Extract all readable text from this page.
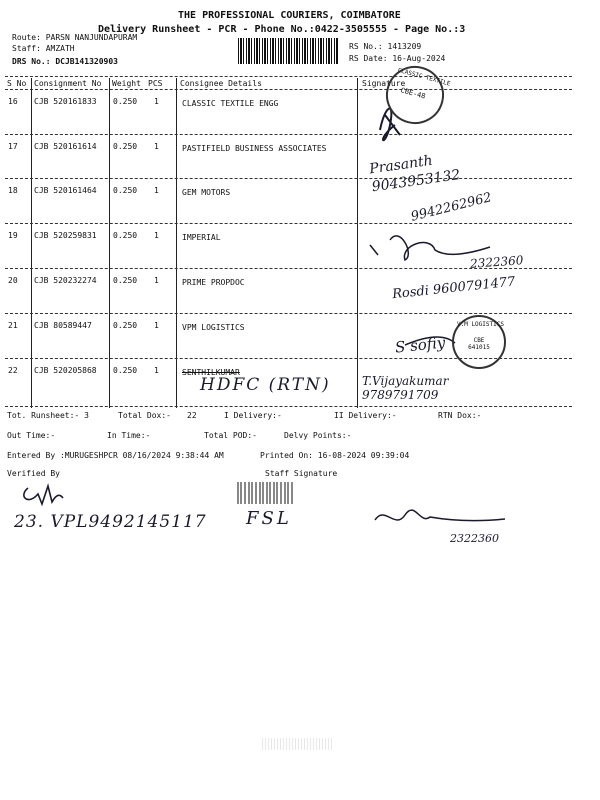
THE PROFESSIONAL COURIERS, COIMBATORE
Delivery Runsheet - PCR - Phone No.:0422-3505555 - Page No.:3
Route: PARSN NANJUNDAPURAM
Staff: AMZATH
DRS No.: DCJB141320903
RS No.: 1413209
RS Date: 16-Aug-2024
S No Consignment No Weight PCS Consignee Details	Signature
16 CJB 520161833 0.250 1	CLASSIC TEXTILE ENGG
17 CJB 520161614 0.250 1	PASTIFIELD BUSINESS ASSOCIATES
18 CJB 520161464 0.250 1	GEM MOTORS
19 CJB 520259831 0.250 1	IMPERIAL
20 CJB 520232274 0.250 1	PRIME PROPDOC
21 CJB 80589447	0.250 1	VPM LOGISTICS
22 CJB 520205868 0.250 1	SENTHILKUMAR
HDFC (RTN)
Prasanth 9043953132
9942262962
2322360
Rosdi 9600791477
S sofiy
T.Vijayakumar 9789791709
CLASSIC TEXTILE
CBE-48
V.M LOGISTICS
CBE 641015
Tot. Runsheet:- 3	Total Dox:- 22	I Delivery:-	II Delivery:-	RTN Dox:-
Out Time:-	In Time:-	Total POD:-	Delvy Points:-
Entered By :MURUGESHPCR 08/16/2024 9:38:44 AM	Printed On: 16-08-2024 09:39:04
Verified By	Staff Signature
23. VPL9492145117 FSL
2322360
